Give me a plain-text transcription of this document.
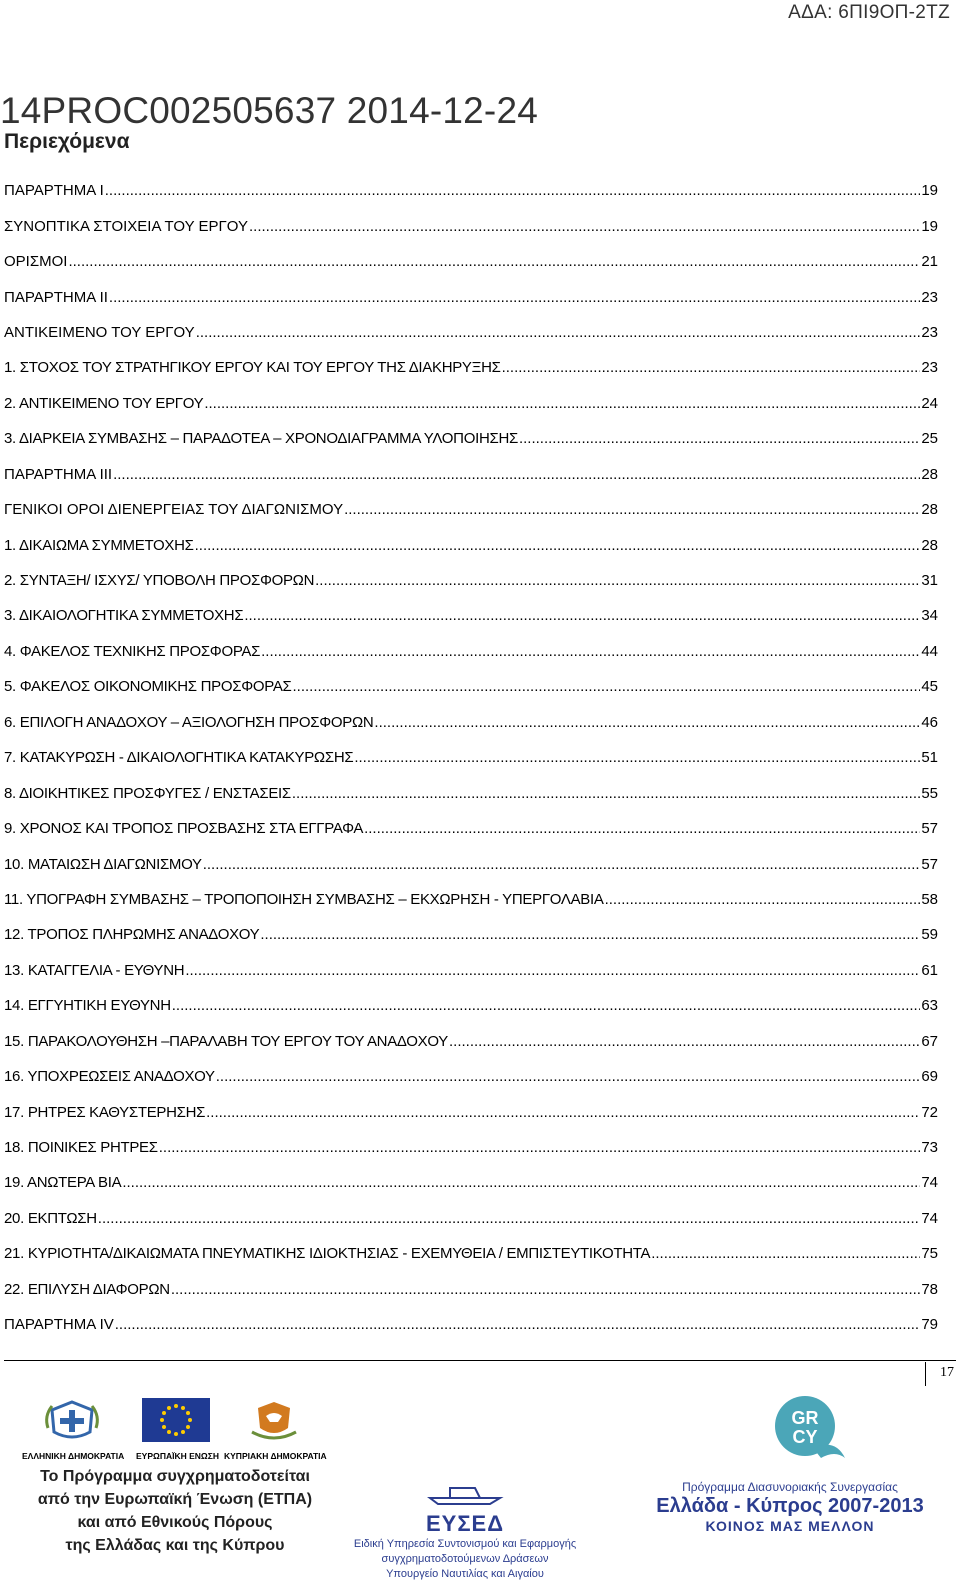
ΑΔΑ: 6ΠΙ9ΟΠ-2ΤΖ
14PROC002505637 2014-12-24
Περιεχόμενα
ΠΑΡΑΡΤΗΜΑ Ι .....	19
ΣΥΝΟΠΤΙΚΑ ΣΤΟΙΧΕΙΑ ΤΟΥ ΕΡΓΟΥ .....	19
ΟΡΙΣΜΟΙ .....	21
ΠΑΡΑΡΤΗΜΑ ΙΙ .....	23
ΑΝΤΙΚΕΙΜΕΝΟ ΤΟΥ ΕΡΓΟΥ .....	23
1. ΣΤΟΧΟΣ ΤΟΥ ΣΤΡΑΤΗΓΙΚΟΥ ΕΡΓΟΥ ΚΑΙ ΤΟΥ ΕΡΓΟΥ ΤΗΣ ΔΙΑΚΗΡΥΞΗΣ .....	23
2. ΑΝΤΙΚΕΙΜΕΝΟ ΤΟΥ ΕΡΓΟΥ .....	24
3. ΔΙΑΡΚΕΙΑ ΣΥΜΒΑΣΗΣ – ΠΑΡΑΔΟΤΕΑ – ΧΡΟΝΟΔΙΑΓΡΑΜΜΑ ΥΛΟΠΟΙΗΣΗΣ .....	25
ΠΑΡΑΡΤΗΜΑ ΙΙΙ .....	28
ΓΕΝΙΚΟΙ ΟΡΟΙ ΔΙΕΝΕΡΓΕΙΑΣ ΤΟΥ ΔΙΑΓΩΝΙΣΜΟΥ .....	28
1. ΔΙΚΑΙΩΜΑ ΣΥΜΜΕΤΟΧΗΣ .....	28
2. ΣΥΝΤΑΞΗ/ ΙΣΧΥΣ/ ΥΠΟΒΟΛΗ ΠΡΟΣΦΟΡΩΝ .....	31
3. ΔΙΚΑΙΟΛΟΓΗΤΙΚΑ ΣΥΜΜΕΤΟΧΗΣ .....	34
4. ΦΑΚΕΛΟΣ ΤΕΧΝΙΚΗΣ ΠΡΟΣΦΟΡΑΣ .....	44
5. ΦΑΚΕΛΟΣ ΟΙΚΟΝΟΜΙΚΗΣ ΠΡΟΣΦΟΡΑΣ .....	45
6. ΕΠΙΛΟΓΗ ΑΝΑΔΟΧΟΥ – ΑΞΙΟΛΟΓΗΣΗ ΠΡΟΣΦΟΡΩΝ .....	46
7. ΚΑΤΑΚΥΡΩΣΗ - ΔΙΚΑΙΟΛΟΓΗΤΙΚΑ ΚΑΤΑΚΥΡΩΣΗΣ .....	51
8. ΔΙΟΙΚΗΤΙΚΕΣ ΠΡΟΣΦΥΓΕΣ / ΕΝΣΤΑΣΕΙΣ .....	55
9. ΧΡΟΝΟΣ ΚΑΙ ΤΡΟΠΟΣ ΠΡΟΣΒΑΣΗΣ ΣΤΑ ΕΓΓΡΑΦΑ .....	57
10. ΜΑΤΑΙΩΣΗ ΔΙΑΓΩΝΙΣΜΟΥ .....	57
11. ΥΠΟΓΡΑΦΗ ΣΥΜΒΑΣΗΣ – ΤΡΟΠΟΠΟΙΗΣΗ ΣΥΜΒΑΣΗΣ – ΕΚΧΩΡΗΣΗ - ΥΠΕΡΓΟΛΑΒΙΑ .....	58
12. ΤΡΟΠΟΣ ΠΛΗΡΩΜΗΣ ΑΝΑΔΟΧΟΥ .....	59
13. ΚΑΤΑΓΓΕΛΙΑ - ΕΥΘΥΝΗ .....	61
14. ΕΓΓΥΗΤΙΚΗ ΕΥΘΥΝΗ .....	63
15. ΠΑΡΑΚΟΛΟΥΘΗΣΗ –ΠΑΡΑΛΑΒΗ ΤΟΥ ΕΡΓΟΥ ΤΟΥ ΑΝΑΔΟΧΟΥ .....	67
16. ΥΠΟΧΡΕΩΣΕΙΣ ΑΝΑΔΟΧΟΥ .....	69
17. ΡΗΤΡΕΣ ΚΑΘΥΣΤΕΡΗΣΗΣ .....	72
18. ΠΟΙΝΙΚΕΣ ΡΗΤΡΕΣ .....	73
19. ΑΝΩΤΕΡΑ ΒΙΑ .....	74
20. ΕΚΠΤΩΣΗ .....	74
21. ΚΥΡΙΟΤΗΤΑ/ΔΙΚΑΙΩΜΑΤΑ ΠΝΕΥΜΑΤΙΚΗΣ ΙΔΙΟΚΤΗΣΙΑΣ - ΕΧΕΜΥΘΕΙΑ / ΕΜΠΙΣΤΕΥΤΙΚΟΤΗΤΑ .....	75
22. ΕΠΙΛΥΣΗ ΔΙΑΦΟΡΩΝ .....	78
ΠΑΡΑΡΤΗΜΑ IV .....	79
17
ΕΛΛΗΝΙΚΗ ΔΗΜΟΚΡΑΤΙΑ ΕΥΡΩΠΑΪΚΗ ΕΝΩΣΗ ΚΥΠΡΙΑΚΗ ΔΗΜΟΚΡΑΤΙΑ
GR
CY
Το Πρόγραμμα συγχρηματοδοτείται
από την Ευρωπαϊκή Ένωση (ΕΤΠΑ)
και από Εθνικούς Πόρους
της Ελλάδας και της Κύπρου
ΕΥΣΕΔ
Ειδική Υπηρεσία Συντονισμού και Εφαρμογής
συγχρηματοδοτούμενων Δράσεων
Υπουργείο Ναυτιλίας και Αιγαίου
Πρόγραμμα Διασυνοριακής Συνεργασίας
Ελλάδα - Κύπρος 2007-2013
ΚΟΙΝΟΣ ΜΑΣ ΜΕΛΛΟΝ
